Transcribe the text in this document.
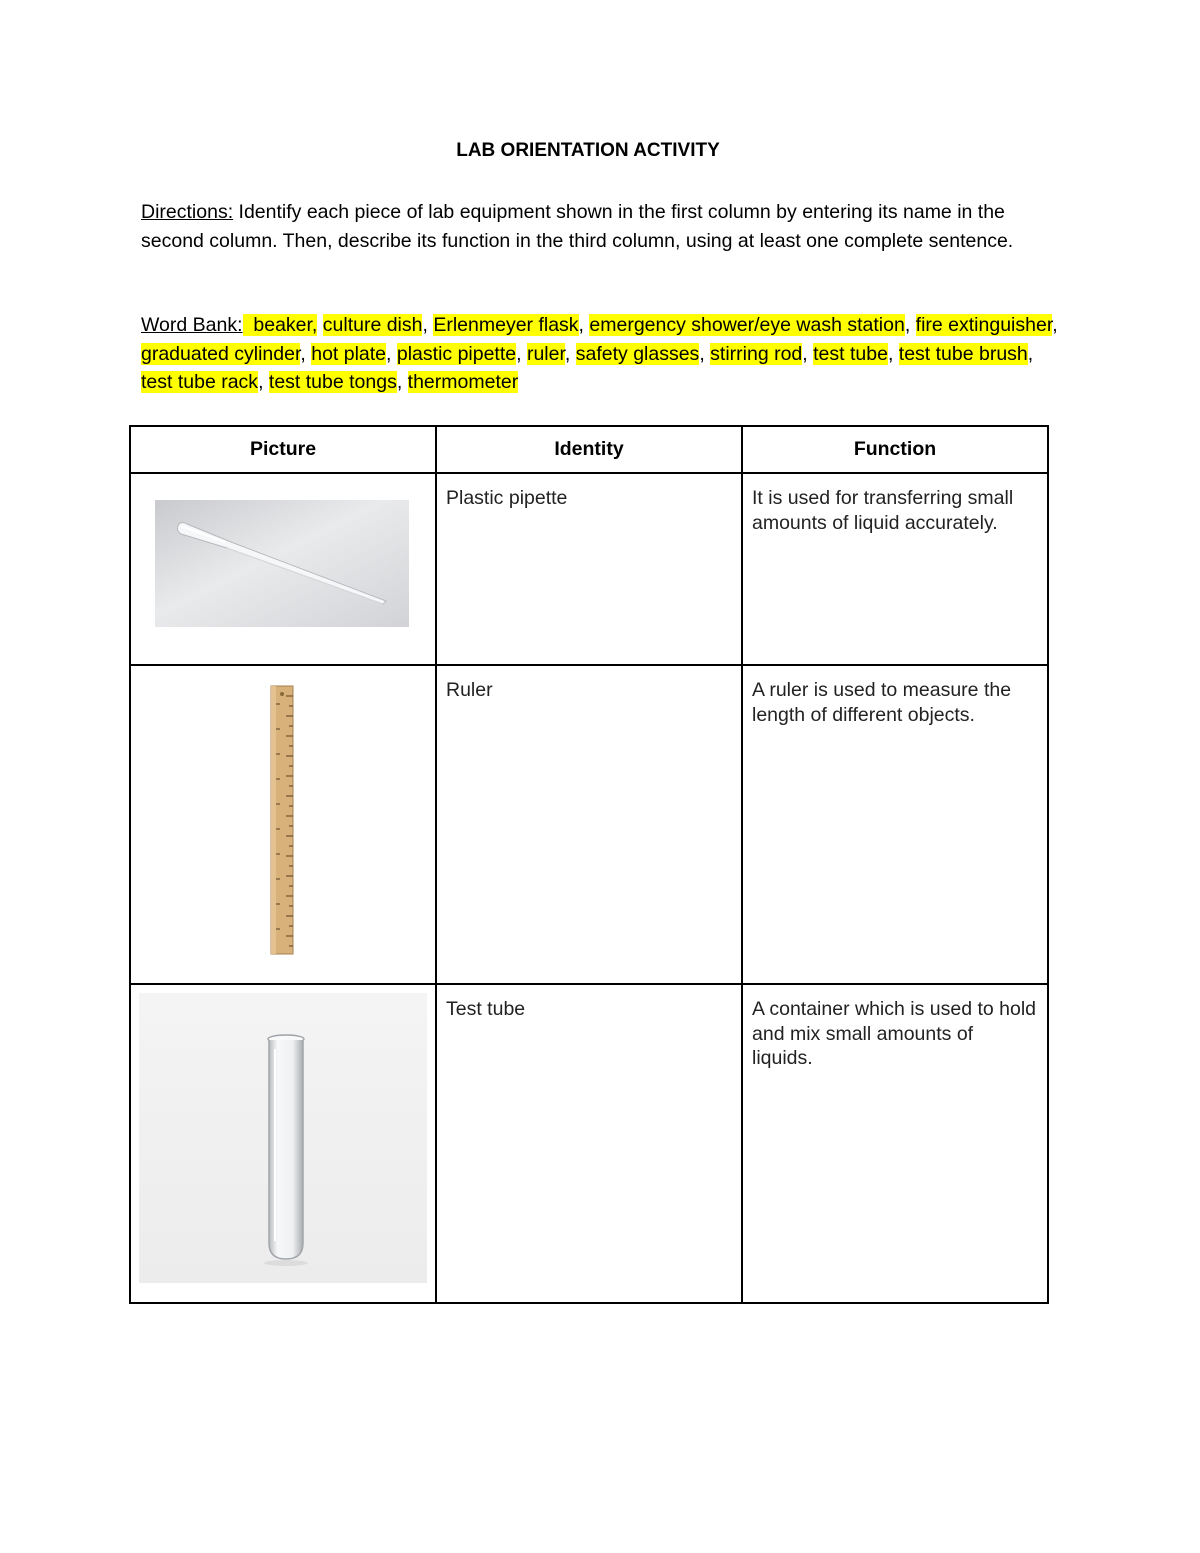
LAB ORIENTATION ACTIVITY
Directions: Identify each piece of lab equipment shown in the first column by entering its name in the second column. Then, describe its function in the third column, using at least one complete sentence.
Word Bank: beaker, culture dish, Erlenmeyer flask, emergency shower/eye wash station, fire extinguisher, graduated cylinder, hot plate, plastic pipette, ruler, safety glasses, stirring rod, test tube, test tube brush, test tube rack, test tube tongs, thermometer
Picture	Identity	Function

	Plastic pipette	It is used for transferring small amounts of liquid accurately.

	Ruler	A ruler is used to measure the length of different objects.

	Test tube	A container which is used to hold and mix small amounts of liquids.
